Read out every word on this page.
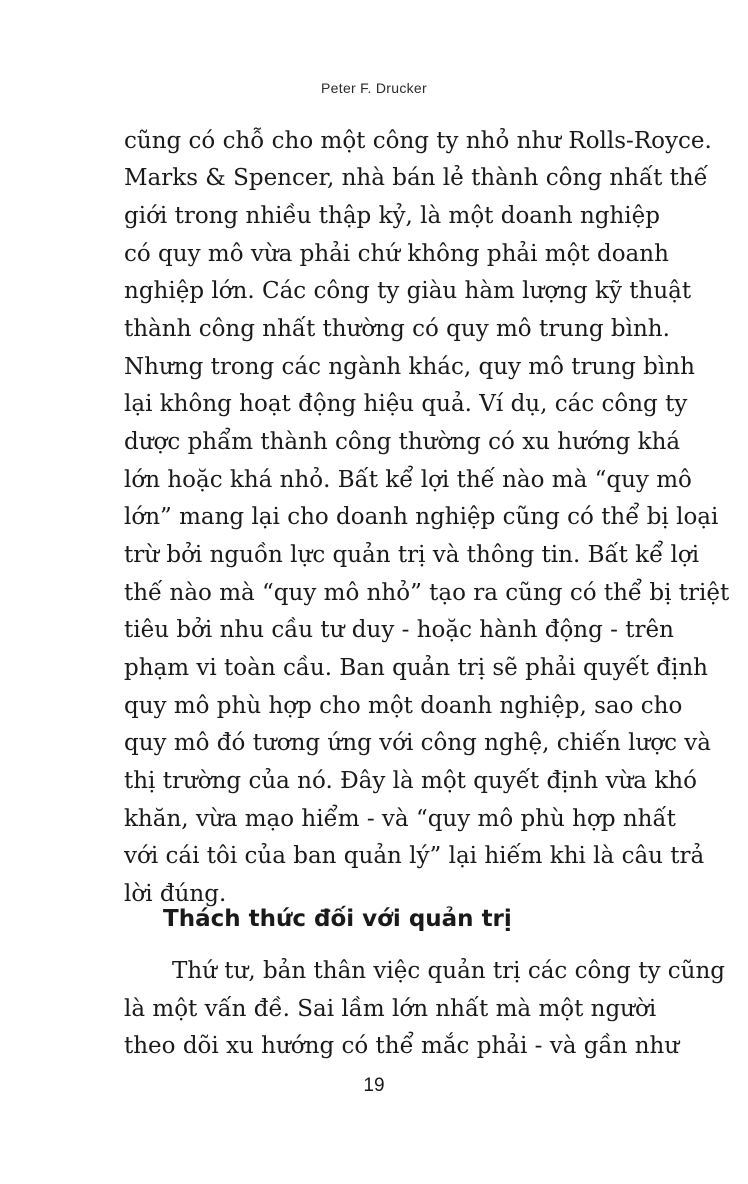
Peter F. Drucker
cũng có chỗ cho một công ty nhỏ như Rolls-Royce.
Marks & Spencer, nhà bán lẻ thành công nhất thế
giới trong nhiều thập kỷ, là một doanh nghiệp
có quy mô vừa phải chứ không phải một doanh
nghiệp lớn. Các công ty giàu hàm lượng kỹ thuật
thành công nhất thường có quy mô trung bình.
Nhưng trong các ngành khác, quy mô trung bình
lại không hoạt động hiệu quả. Ví dụ, các công ty
dược phẩm thành công thường có xu hướng khá
lớn hoặc khá nhỏ. Bất kể lợi thế nào mà “quy mô
lớn” mang lại cho doanh nghiệp cũng có thể bị loại
trừ bởi nguồn lực quản trị và thông tin. Bất kể lợi
thế nào mà “quy mô nhỏ” tạo ra cũng có thể bị triệt
tiêu bởi nhu cầu tư duy - hoặc hành động - trên
phạm vi toàn cầu. Ban quản trị sẽ phải quyết định
quy mô phù hợp cho một doanh nghiệp, sao cho
quy mô đó tương ứng với công nghệ, chiến lược và
thị trường của nó. Đây là một quyết định vừa khó
khăn, vừa mạo hiểm - và “quy mô phù hợp nhất
với cái tôi của ban quản lý” lại hiếm khi là câu trả
lời đúng.
Thách thức đối với quản trị
Thứ tư, bản thân việc quản trị các công ty cũng
là một vấn đề. Sai lầm lớn nhất mà một người
theo dõi xu hướng có thể mắc phải - và gần như
19
